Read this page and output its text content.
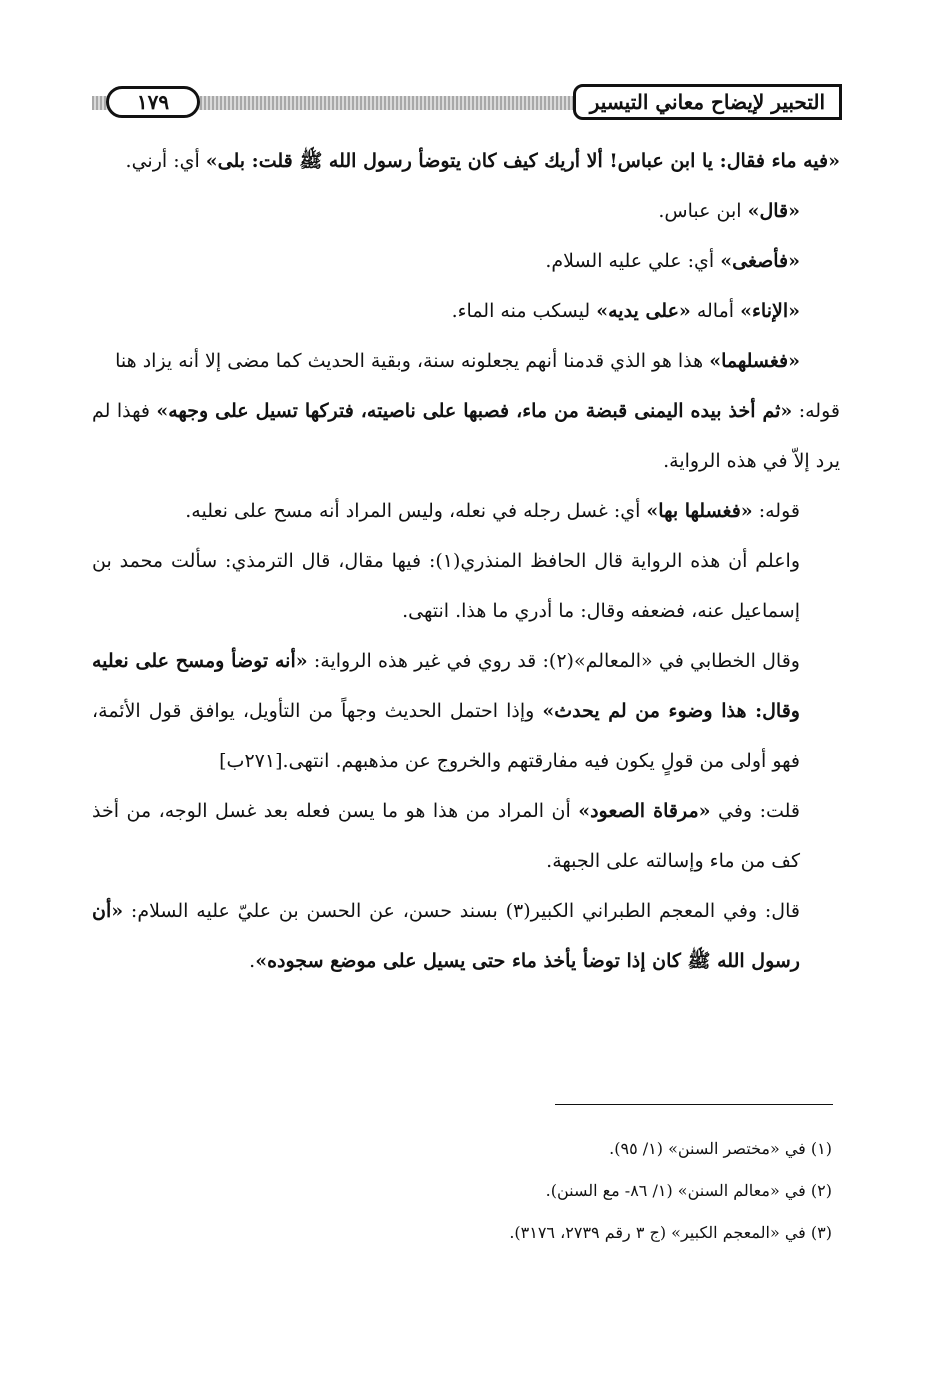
١٧٩	التحبير لإيضاح معاني التيسير

«فيه ماء فقال: يا ابن عباس! ألا أريك كيف كان يتوضأ رسول الله ﷺ قلت: بلى» أي: أرني.

«قال» ابن عباس.

«فأصغى» أي: علي عليه السلام.

«الإناء» أماله «على يديه» ليسكب منه الماء.

«فغسلهما» هذا هو الذي قدمنا أنهم يجعلونه سنة، وبقية الحديث كما مضى إلا أنه يزاد هنا

قوله: «ثم أخذ بيده اليمنى قبضة من ماء، فصبها على ناصيته، فتركها تسيل على وجهه» فهذا لم يرد إلاّ في هذه الرواية.

قوله: «فغسلها بها» أي: غسل رجله في نعله، وليس المراد أنه مسح على نعليه.

واعلم أن هذه الرواية قال الحافظ المنذري(١): فيها مقال، قال الترمذي: سألت محمد بن إسماعيل عنه، فضعفه وقال: ما أدري ما هذا. انتهى.

وقال الخطابي في «المعالم»(٢): قد روي في غير هذه الرواية: «أنه توضأ ومسح على نعليه وقال: هذا وضوء من لم يحدث» وإذا احتمل الحديث وجهاً من التأويل، يوافق قول الأئمة، فهو أولى من قولٍ يكون فيه مفارقتهم والخروج عن مذهبهم. انتهى.[٢٧١ب]

قلت: وفي «مرقاة الصعود» أن المراد من هذا هو ما يسن فعله بعد غسل الوجه، من أخذ كف من ماء وإسالته على الجبهة.

قال: وفي المعجم الطبراني الكبير(٣) بسند حسن، عن الحسن بن عليّ عليه السلام: «أن رسول الله ﷺ كان إذا توضأ يأخذ ماء حتى يسيل على موضع سجوده».

(١) في «مختصر السنن» (١/ ٩٥).

(٢) في «معالم السنن» (١/ ٨٦- مع السنن).

(٣) في «المعجم الكبير» (ج ٣ رقم ٢٧٣٩، ٣١٧٦).
